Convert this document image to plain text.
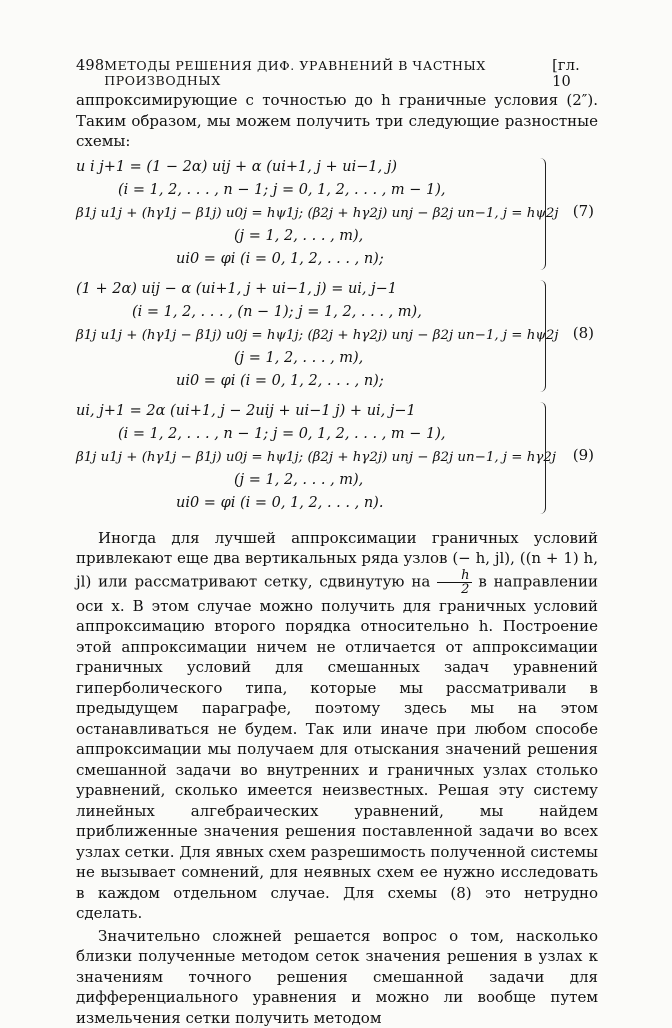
498 МЕТОДЫ РЕШЕНИЯ ДИФ. УРАВНЕНИЙ В ЧАСТНЫХ ПРОИЗВОДНЫХ
[гл. 10

аппроксимирующие с точностью до h граничные условия (2″). Таким образом, мы можем получить три следующие разностные схемы:

u i j+1 = (1 − 2α) uij + α (ui+1, j + ui−1, j)
(i = 1, 2, . . . , n − 1; j = 0, 1, 2, . . . , m − 1),
β1j u1j + (hγ1j − β1j) u0j = hψ1j; (β2j + hγ2j) unj − β2j un−1, j = hψ2j
(j = 1, 2, . . . , m),
ui0 = φi (i = 0, 1, 2, . . . , n);
(7)
(1 + 2α) uij − α (ui+1, j + ui−1, j) = ui, j−1
(i = 1, 2, . . . , (n − 1); j = 1, 2, . . . , m),
β1j u1j + (hγ1j − β1j) u0j = hψ1j; (β2j + hγ2j) unj − β2j un−1, j = hψ2j
(j = 1, 2, . . . , m),
ui0 = φi (i = 0, 1, 2, . . . , n);
(8)
ui, j+1 = 2α (ui+1, j − 2uij + ui−1 j) + ui, j−1
(i = 1, 2, . . . , n − 1; j = 0, 1, 2, . . . , m − 1),
β1j u1j + (hγ1j − β1j) u0j = hψ1j; (β2j + hγ2j) unj − β2j un−1, j = hγ2j
(j = 1, 2, . . . , m),
ui0 = φi (i = 0, 1, 2, . . . , n).
(9)

Иногда для лучшей аппроксимации граничных условий привлекают еще два вертикальных ряда узлов (− h, jl), ((n + 1) h, jl) или рассматривают сетку, сдвинутую на $\frac{h}{2}$ в направлении оси x. В этом случае можно получить для граничных условий аппроксимацию второго порядка относительно h. Построение этой аппроксимации ничем не отличается от аппроксимации граничных условий для смешанных задач уравнений гиперболического типа, которые мы рассматривали в предыдущем параграфе, поэтому здесь мы на этом останавливаться не будем. Так или иначе при любом способе аппроксимации мы получаем для отыскания значений решения смешанной задачи во внутренних и граничных узлах столько уравнений, сколько имеется неизвестных. Решая эту систему линейных алгебраических уравнений, мы найдем приближенные значения решения поставленной задачи во всех узлах сетки. Для явных схем разрешимость полученной системы не вызывает сомнений, для неявных схем ее нужно исследовать в каждом отдельном случае. Для схемы (8) это нетрудно сделать.

Значительно сложней решается вопрос о том, насколько близки полученные методом сеток значения решения в узлах к значениям точного решения смешанной задачи для дифференциального уравнения и можно ли вообще путем измельчения сетки получить методом
